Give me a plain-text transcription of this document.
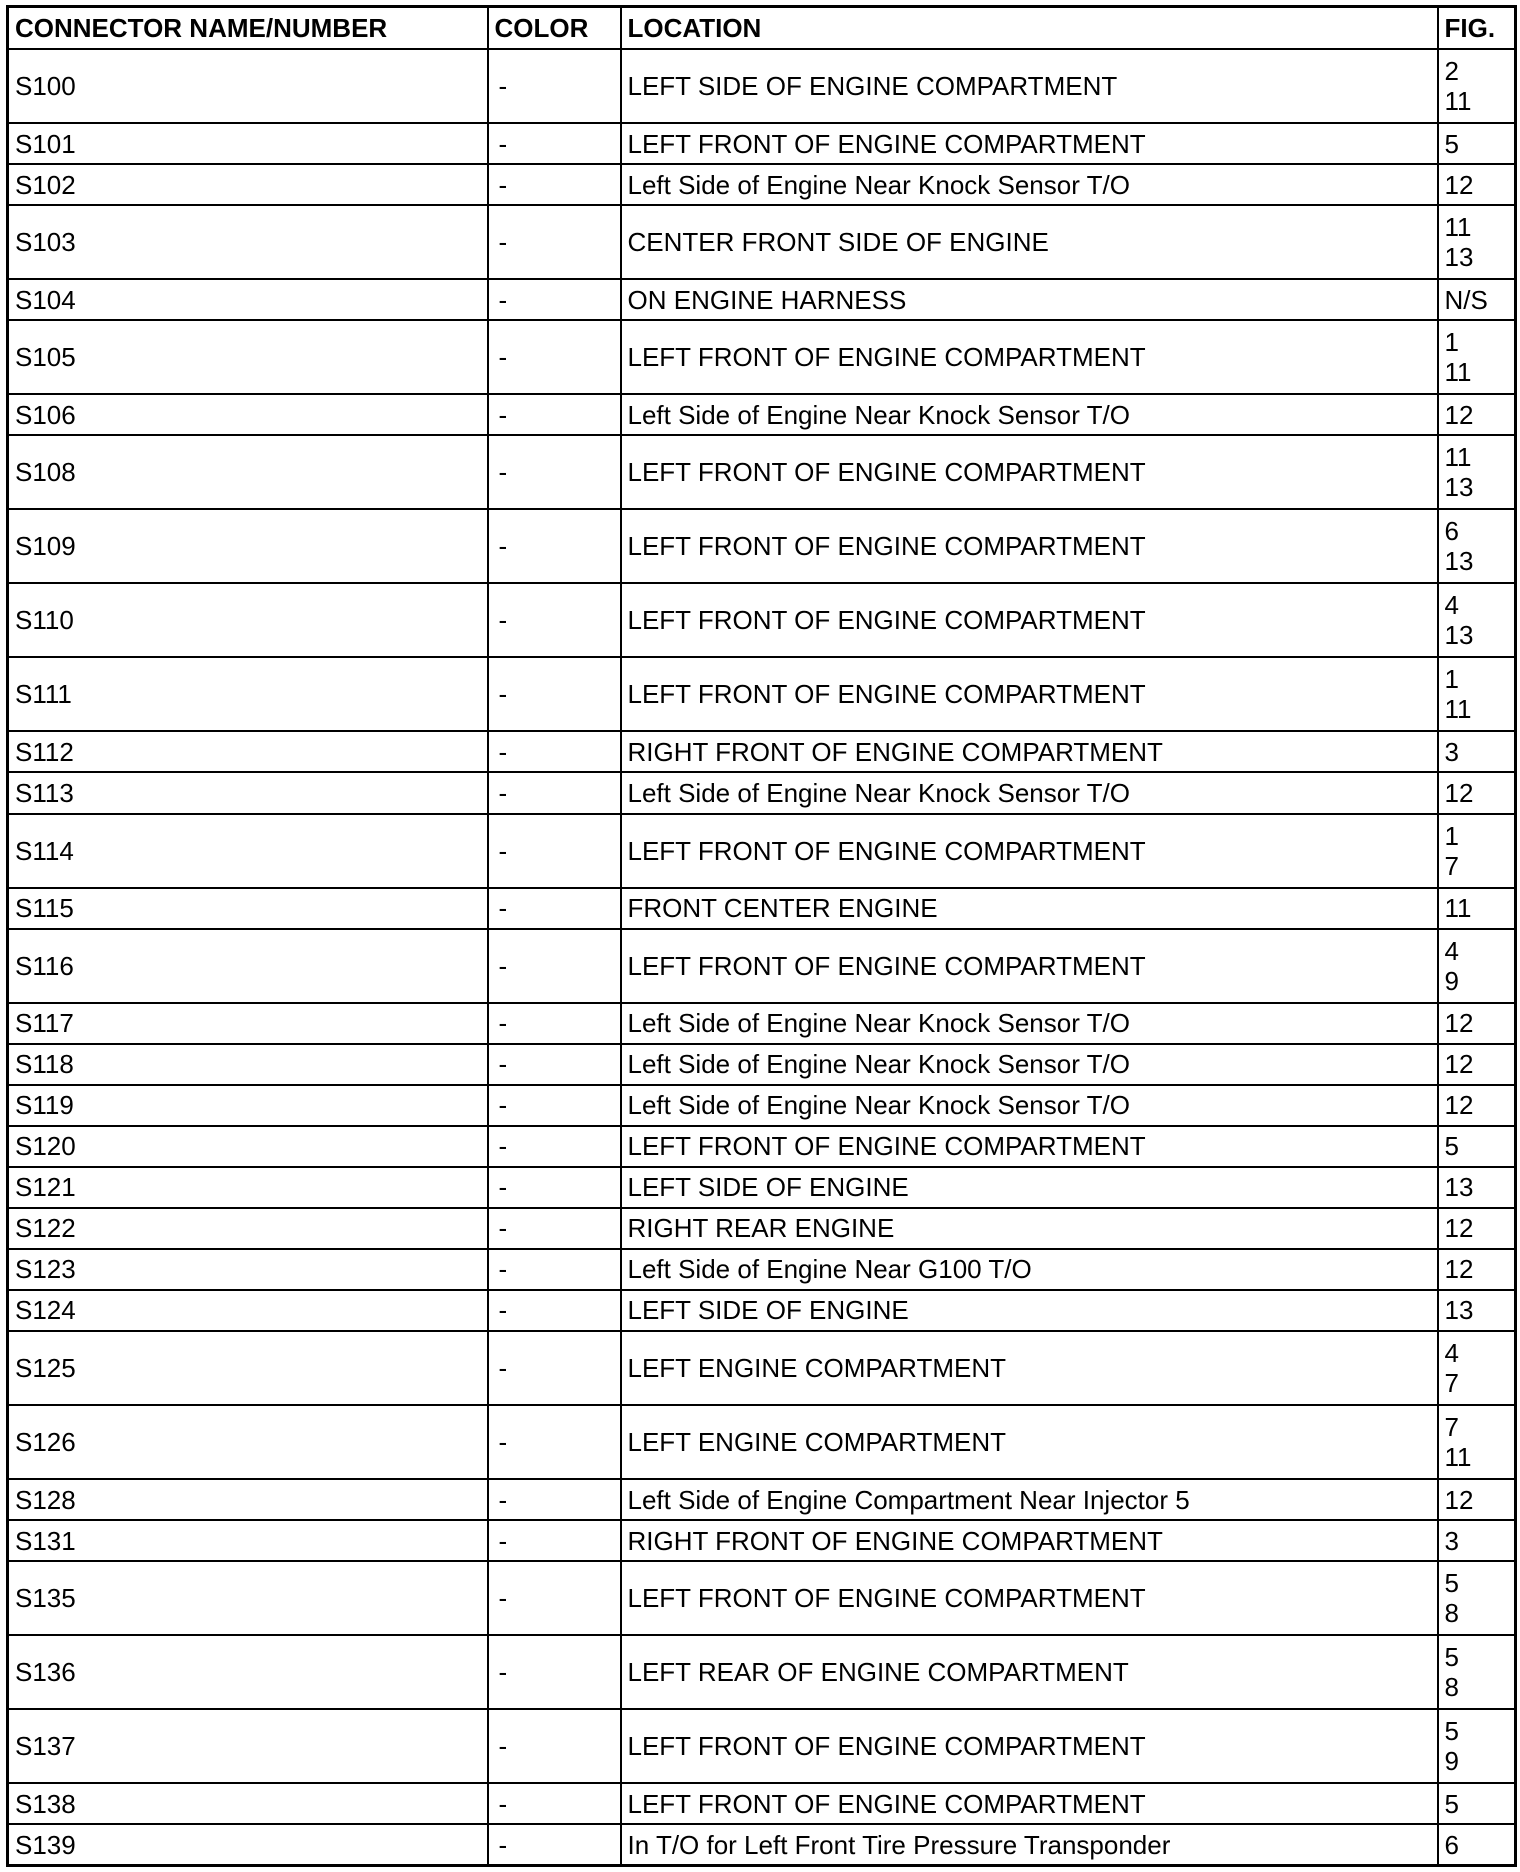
CONNECTOR NAME/NUMBER	COLOR	LOCATION	FIG.
S100	-	LEFT SIDE OF ENGINE COMPARTMENT	2
11

S101	-	LEFT FRONT OF ENGINE COMPARTMENT	5

S102	-	Left Side of Engine Near Knock Sensor T/O	12

S103	-	CENTER FRONT SIDE OF ENGINE	11
13

S104	-	ON ENGINE HARNESS	N/S

S105	-	LEFT FRONT OF ENGINE COMPARTMENT	1
11

S106	-	Left Side of Engine Near Knock Sensor T/O	12

S108	-	LEFT FRONT OF ENGINE COMPARTMENT	11
13

S109	-	LEFT FRONT OF ENGINE COMPARTMENT	6
13

S110	-	LEFT FRONT OF ENGINE COMPARTMENT	4
13

S111	-	LEFT FRONT OF ENGINE COMPARTMENT	1
11

S112	-	RIGHT FRONT OF ENGINE COMPARTMENT	3

S113	-	Left Side of Engine Near Knock Sensor T/O	12

S114	-	LEFT FRONT OF ENGINE COMPARTMENT	1
7

S115	-	FRONT CENTER ENGINE	11

S116	-	LEFT FRONT OF ENGINE COMPARTMENT	4
9

S117	-	Left Side of Engine Near Knock Sensor T/O	12

S118	-	Left Side of Engine Near Knock Sensor T/O	12

S119	-	Left Side of Engine Near Knock Sensor T/O	12

S120	-	LEFT FRONT OF ENGINE COMPARTMENT	5

S121	-	LEFT SIDE OF ENGINE	13

S122	-	RIGHT REAR ENGINE	12

S123	-	Left Side of Engine Near G100 T/O	12

S124	-	LEFT SIDE OF ENGINE	13

S125	-	LEFT ENGINE COMPARTMENT	4
7

S126	-	LEFT ENGINE COMPARTMENT	7
11

S128	-	Left Side of Engine Compartment Near Injector 5	12

S131	-	RIGHT FRONT OF ENGINE COMPARTMENT	3

S135	-	LEFT FRONT OF ENGINE COMPARTMENT	5
8

S136	-	LEFT REAR OF ENGINE COMPARTMENT	5
8

S137	-	LEFT FRONT OF ENGINE COMPARTMENT	5
9

S138	-	LEFT FRONT OF ENGINE COMPARTMENT	5

S139	-	In T/O for Left Front Tire Pressure Transponder	6
